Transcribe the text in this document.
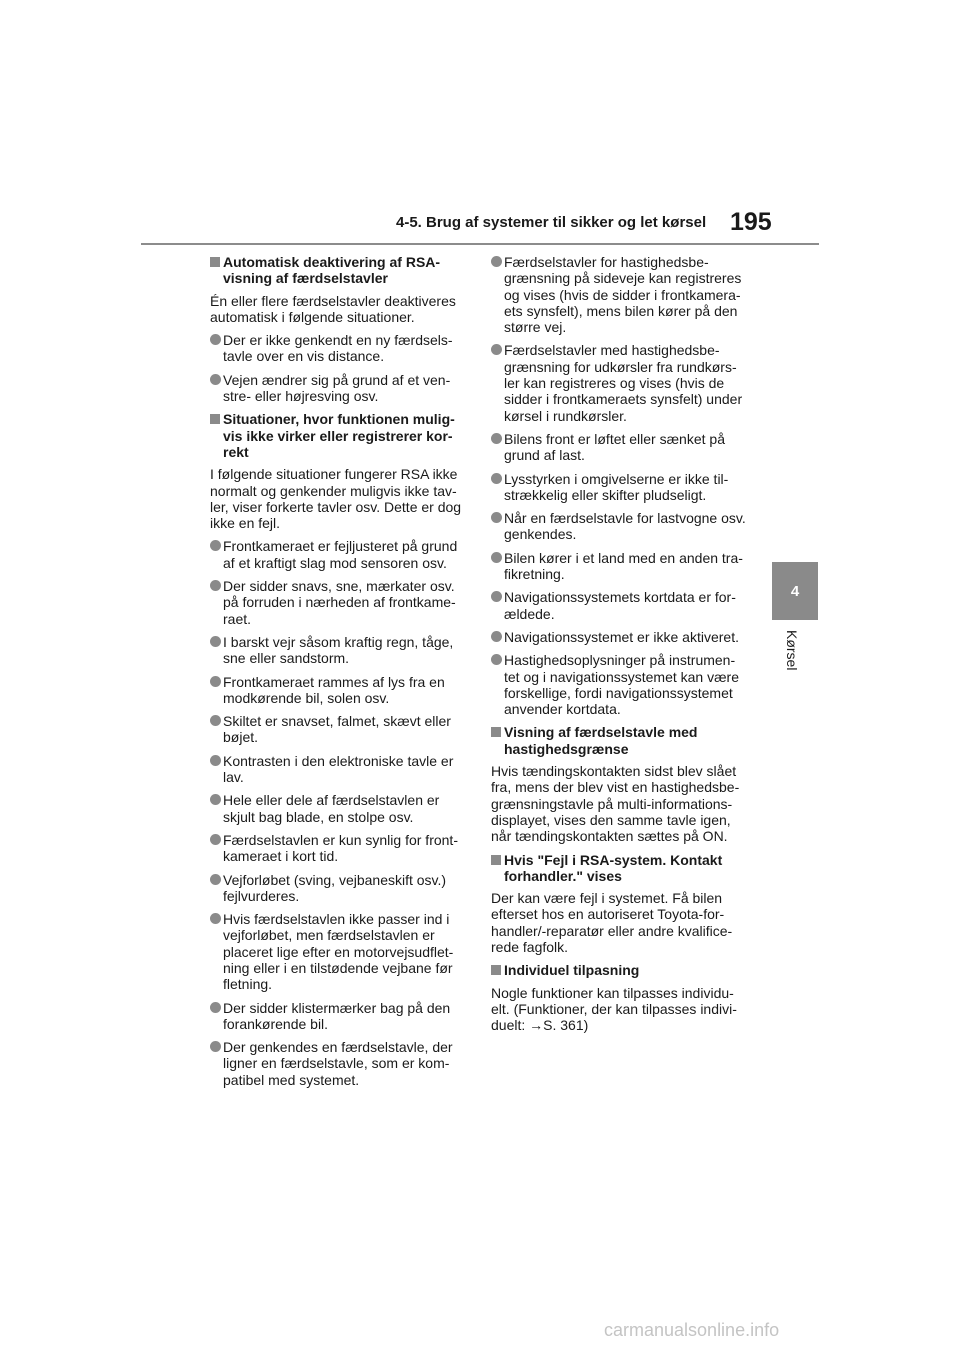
4-5. Brug af systemer til sikker og let kørsel 195
4
Kørsel
Automatisk deaktivering af RSA-visning af færdselstavler
Én eller flere færdselstavler deaktiveres automatisk i følgende situationer.
Der er ikke genkendt en ny færdsels-tavle over en vis distance.
Vejen ændrer sig på grund af et ven-stre- eller højresving osv.
Situationer, hvor funktionen mulig-vis ikke virker eller registrerer kor-rekt
I følgende situationer fungerer RSA ikke normalt og genkender muligvis ikke tav-ler, viser forkerte tavler osv. Dette er dog ikke en fejl.
Frontkameraet er fejljusteret på grund af et kraftigt slag mod sensoren osv.
Der sidder snavs, sne, mærkater osv. på forruden i nærheden af frontkame-raet.
I barskt vejr såsom kraftig regn, tåge, sne eller sandstorm.
Frontkameraet rammes af lys fra en modkørende bil, solen osv.
Skiltet er snavset, falmet, skævt eller bøjet.
Kontrasten i den elektroniske tavle er lav.
Hele eller dele af færdselstavlen er skjult bag blade, en stolpe osv.
Færdselstavlen er kun synlig for front-kameraet i kort tid.
Vejforløbet (sving, vejbaneskift osv.) fejlvurderes.
Hvis færdselstavlen ikke passer ind i vejforløbet, men færdselstavlen er placeret lige efter en motorvejsudflet-ning eller i en tilstødende vejbane før fletning.
Der sidder klistermærker bag på den forankørende bil.
Der genkendes en færdselstavle, der ligner en færdselstavle, som er kom-patibel med systemet.
Færdselstavler for hastighedsbe-grænsning på sideveje kan registreres og vises (hvis de sidder i frontkamera-ets synsfelt), mens bilen kører på den større vej.
Færdselstavler med hastighedsbe-grænsning for udkørsler fra rundkørs-ler kan registreres og vises (hvis de sidder i frontkameraets synsfelt) under kørsel i rundkørsler.
Bilens front er løftet eller sænket på grund af last.
Lysstyrken i omgivelserne er ikke til-strækkelig eller skifter pludseligt.
Når en færdselstavle for lastvogne osv. genkendes.
Bilen kører i et land med en anden tra-fikretning.
Navigationssystemets kortdata er for-ældede.
Navigationssystemet er ikke aktiveret.
Hastighedsoplysninger på instrumen-tet og i navigationssystemet kan være forskellige, fordi navigationssystemet anvender kortdata.
Visning af færdselstavle med hastighedsgrænse
Hvis tændingskontakten sidst blev slået fra, mens der blev vist en hastighedsbe-grænsningstavle på multi-informations-displayet, vises den samme tavle igen, når tændingskontakten sættes på ON.
Hvis "Fejl i RSA-system. Kontakt forhandler." vises
Der kan være fejl i systemet. Få bilen efterset hos en autoriseret Toyota-for-handler/-reparatør eller andre kvalifice-rede fagfolk.
Individuel tilpasning
Nogle funktioner kan tilpasses individu-elt. (Funktioner, der kan tilpasses indivi-duelt: →S. 361)
carmanualsonline.info
